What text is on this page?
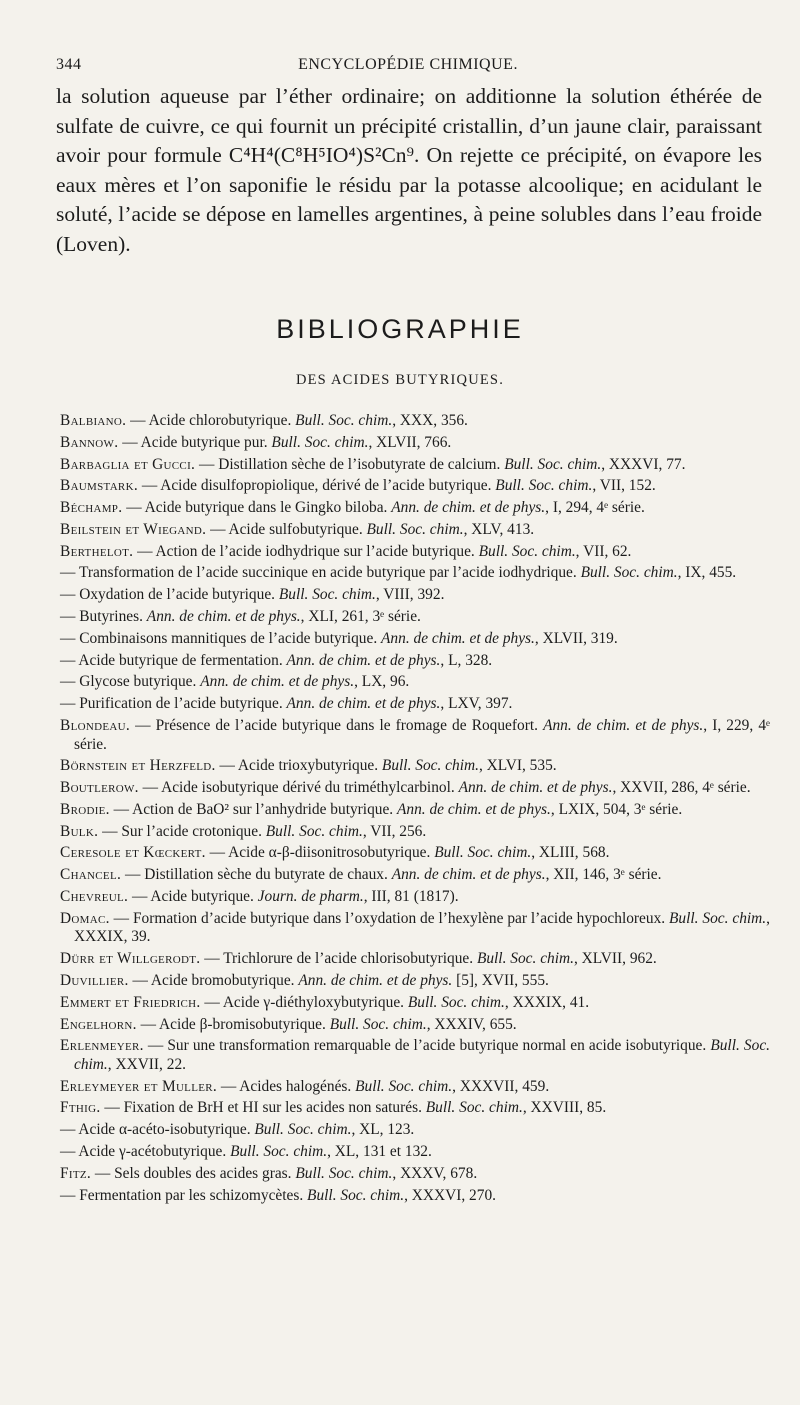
344	ENCYCLOPÉDIE CHIMIQUE.

la solution aqueuse par l’éther ordinaire; on additionne la solution éthérée de sulfate de cuivre, ce qui fournit un précipité cristallin, d’un jaune clair, paraissant avoir pour formule C⁴H⁴(C⁸H⁵IO⁴)S²Cn⁹. On rejette ce précipité, on évapore les eaux mères et l’on saponifie le résidu par la potasse alcoolique; en acidulant le soluté, l’acide se dépose en lamelles argentines, à peine solubles dans l’eau froide (Loven).

BIBLIOGRAPHIE
DES ACIDES BUTYRIQUES.

Balbiano. — Acide chlorobutyrique. Bull. Soc. chim., XXX, 356.

Bannow. — Acide butyrique pur. Bull. Soc. chim., XLVII, 766.

Barbaglia et Gucci. — Distillation sèche de l’isobutyrate de calcium. Bull. Soc. chim., XXXVI, 77.

Baumstark. — Acide disulfopropiolique, dérivé de l’acide butyrique. Bull. Soc. chim., VII, 152.

Béchamp. — Acide butyrique dans le Gingko biloba. Ann. de chim. et de phys., I, 294, 4ᵉ série.

Beilstein et Wiegand. — Acide sulfobutyrique. Bull. Soc. chim., XLV, 413.

Berthelot. — Action de l’acide iodhydrique sur l’acide butyrique. Bull. Soc. chim., VII, 62.

— Transformation de l’acide succinique en acide butyrique par l’acide iodhydrique. Bull. Soc. chim., IX, 455.

— Oxydation de l’acide butyrique. Bull. Soc. chim., VIII, 392.

— Butyrines. Ann. de chim. et de phys., XLI, 261, 3ᵉ série.

— Combinaisons mannitiques de l’acide butyrique. Ann. de chim. et de phys., XLVII, 319.

— Acide butyrique de fermentation. Ann. de chim. et de phys., L, 328.

— Glycose butyrique. Ann. de chim. et de phys., LX, 96.

— Purification de l’acide butyrique. Ann. de chim. et de phys., LXV, 397.

Blondeau. — Présence de l’acide butyrique dans le fromage de Roquefort. Ann. de chim. et de phys., I, 229, 4ᵉ série.

Börnstein et Herzfeld. — Acide trioxybutyrique. Bull. Soc. chim., XLVI, 535.

Boutlerow. — Acide isobutyrique dérivé du triméthylcarbinol. Ann. de chim. et de phys., XXVII, 286, 4ᵉ série.

Brodie. — Action de BaO² sur l’anhydride butyrique. Ann. de chim. et de phys., LXIX, 504, 3ᵉ série.

Bulk. — Sur l’acide crotonique. Bull. Soc. chim., VII, 256.

Ceresole et Kœckert. — Acide α-β-diisonitrosobutyrique. Bull. Soc. chim., XLIII, 568.

Chancel. — Distillation sèche du butyrate de chaux. Ann. de chim. et de phys., XII, 146, 3ᵉ série.

Chevreul. — Acide butyrique. Journ. de pharm., III, 81 (1817).

Domac. — Formation d’acide butyrique dans l’oxydation de l’hexylène par l’acide hypochloreux. Bull. Soc. chim., XXXIX, 39.

Dürr et Willgerodt. — Trichlorure de l’acide chlorisobutyrique. Bull. Soc. chim., XLVII, 962.

Duvillier. — Acide bromobutyrique. Ann. de chim. et de phys. [5], XVII, 555.

Emmert et Friedrich. — Acide γ-diéthyloxybutyrique. Bull. Soc. chim., XXXIX, 41.

Engelhorn. — Acide β-bromisobutyrique. Bull. Soc. chim., XXXIV, 655.

Erlenmeyer. — Sur une transformation remarquable de l’acide butyrique normal en acide isobutyrique. Bull. Soc. chim., XXVII, 22.

Erleymeyer et Muller. — Acides halogénés. Bull. Soc. chim., XXXVII, 459.

Fthig. — Fixation de BrH et HI sur les acides non saturés. Bull. Soc. chim., XXVIII, 85.

— Acide α-acéto-isobutyrique. Bull. Soc. chim., XL, 123.

— Acide γ-acétobutyrique. Bull. Soc. chim., XL, 131 et 132.

Fitz. — Sels doubles des acides gras. Bull. Soc. chim., XXXV, 678.

— Fermentation par les schizomycètes. Bull. Soc. chim., XXXVI, 270.
